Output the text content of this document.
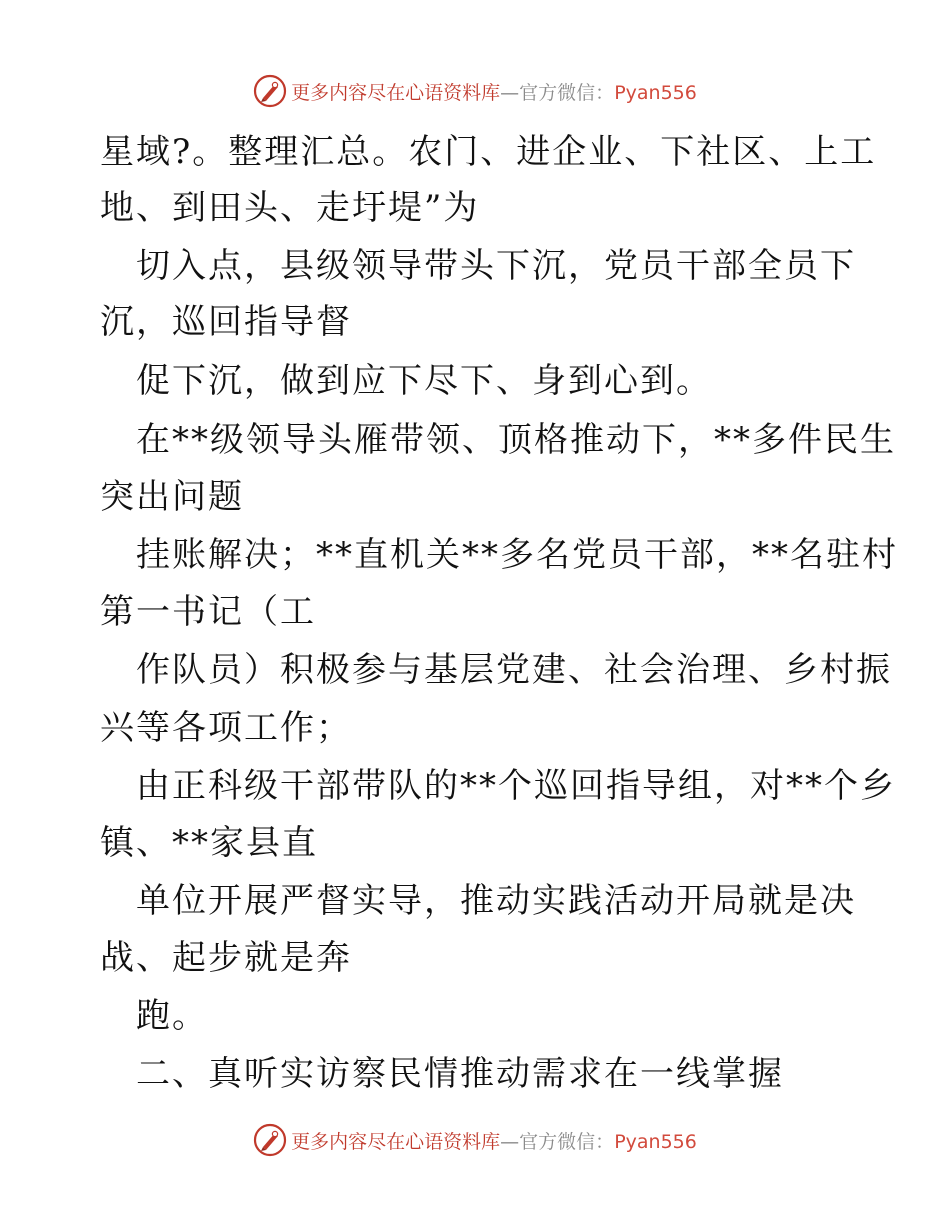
更多内容尽在心语资料库—官方微信：Pyan556
星域?。整理汇总。农门、进企业、下社区、上工
地、到田头、走圩堤”为
切入点，县级领导带头下沉，党员干部全员下
沉，巡回指导督
促下沉，做到应下尽下、身到心到。
在**级领导头雁带领、顶格推动下，**多件民生
突出问题
挂账解决；**直机关**多名党员干部，**名驻村
第一书记（工
作队员）积极参与基层党建、社会治理、乡村振
兴等各项工作；
由正科级干部带队的**个巡回指导组，对**个乡
镇、**家县直
单位开展严督实导，推动实践活动开局就是决
战、起步就是奔
跑。
二、真听实访察民情推动需求在一线掌握
更多内容尽在心语资料库—官方微信：Pyan556
